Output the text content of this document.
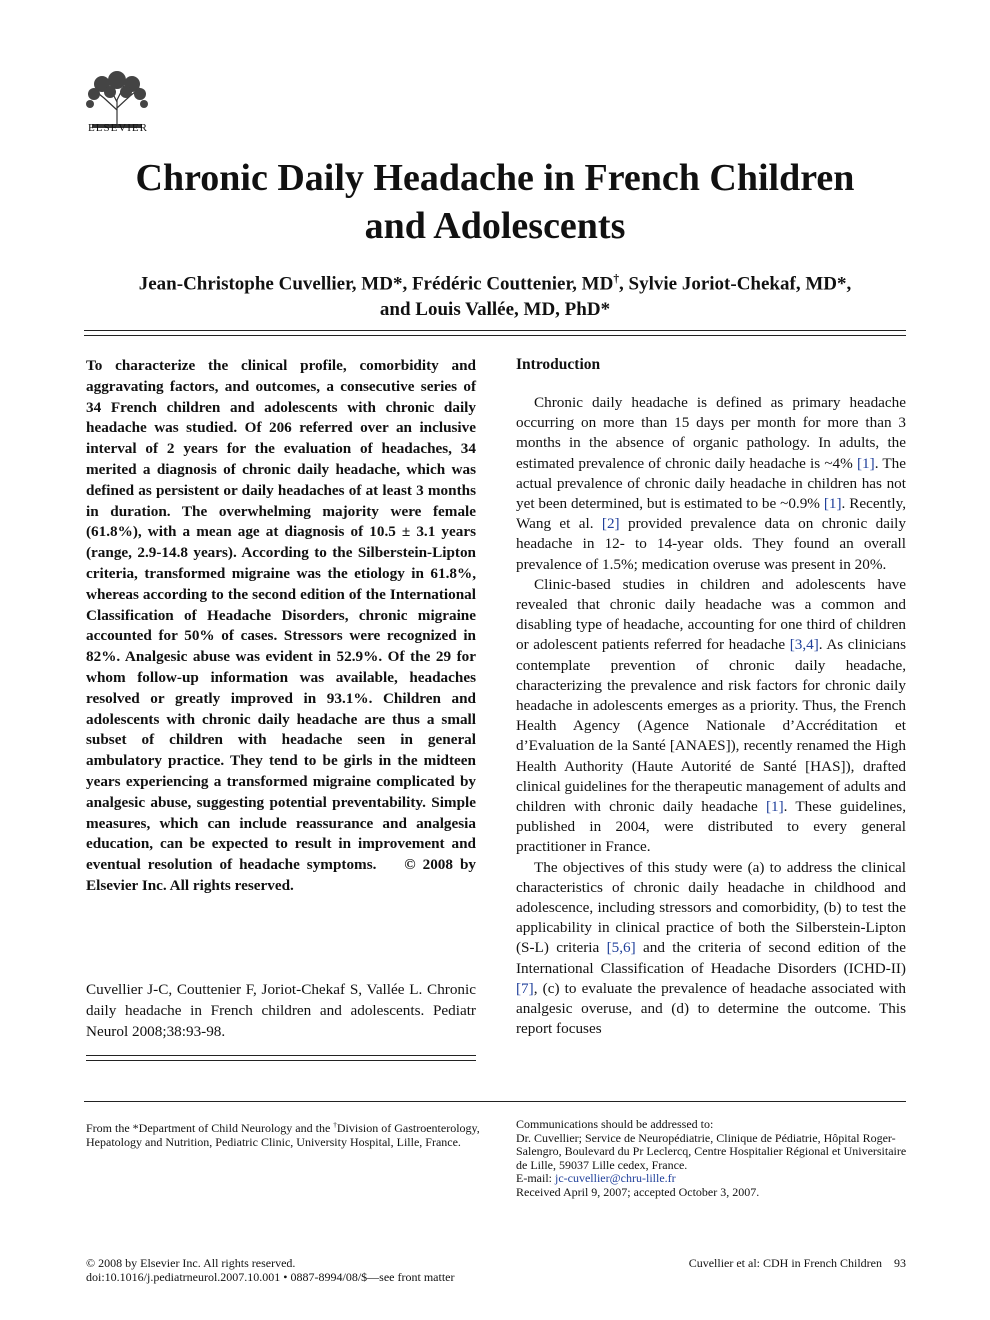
ELSEVIER
Chronic Daily Headache in French Children
and Adolescents
Jean-Christophe Cuvellier, MD*, Frédéric Couttenier, MD†, Sylvie Joriot-Chekaf, MD*,
and Louis Vallée, MD, PhD*
To characterize the clinical profile, comorbidity and aggravating factors, and outcomes, a consecutive series of 34 French children and adolescents with chronic daily headache was studied. Of 206 referred over an inclusive interval of 2 years for the evaluation of headaches, 34 merited a diagnosis of chronic daily headache, which was defined as persistent or daily headaches of at least 3 months in duration. The overwhelming majority were female (61.8%), with a mean age at diagnosis of 10.5 ± 3.1 years (range, 2.9-14.8 years). According to the Silberstein-Lipton criteria, transformed migraine was the etiology in 61.8%, whereas according to the second edition of the International Classification of Headache Disorders, chronic migraine accounted for 50% of cases. Stressors were recognized in 82%. Analgesic abuse was evident in 52.9%. Of the 29 for whom follow-up information was available, headaches resolved or greatly improved in 93.1%. Children and adolescents with chronic daily headache are thus a small subset of children with headache seen in general ambulatory practice. They tend to be girls in the midteen years experiencing a transformed migraine complicated by analgesic abuse, suggesting potential preventability. Simple measures, which can include reassurance and analgesia education, can be expected to result in improvement and eventual resolution of headache symptoms. © 2008 by Elsevier Inc. All rights reserved.
Cuvellier J-C, Couttenier F, Joriot-Chekaf S, Vallée L. Chronic daily headache in French children and adolescents. Pediatr Neurol 2008;38:93-98.
Introduction

Chronic daily headache is defined as primary headache occurring on more than 15 days per month for more than 3 months in the absence of organic pathology. In adults, the estimated prevalence of chronic daily headache is ~4% [1]. The actual prevalence of chronic daily headache in children has not yet been determined, but is estimated to be ~0.9% [1]. Recently, Wang et al. [2] provided prevalence data on chronic daily headache in 12- to 14-year olds. They found an overall prevalence of 1.5%; medication overuse was present in 20%.

Clinic-based studies in children and adolescents have revealed that chronic daily headache was a common and disabling type of headache, accounting for one third of children or adolescent patients referred for headache [3,4]. As clinicians contemplate prevention of chronic daily headache, characterizing the prevalence and risk factors for chronic daily headache in adolescents emerges as a priority. Thus, the French Health Agency (Agence Nationale d’Accréditation et d’Evaluation de la Santé [ANAES]), recently renamed the High Health Authority (Haute Autorité de Santé [HAS]), drafted clinical guidelines for the therapeutic management of adults and children with chronic daily headache [1]. These guidelines, published in 2004, were distributed to every general practitioner in France.

The objectives of this study were (a) to address the clinical characteristics of chronic daily headache in childhood and adolescence, including stressors and comorbidity, (b) to test the applicability in clinical practice of both the Silberstein-Lipton (S-L) criteria [5,6] and the criteria of second edition of the International Classification of Headache Disorders (ICHD-II) [7], (c) to evaluate the prevalence of headache associated with analgesic overuse, and (d) to determine the outcome. This report focuses

From the *Department of Child Neurology and the †Division of Gastroenterology, Hepatology and Nutrition, Pediatric Clinic, University Hospital, Lille, France.
Communications should be addressed to:
Dr. Cuvellier; Service de Neuropédiatrie, Clinique de Pédiatrie, Hôpital Roger-Salengro, Boulevard du Pr Leclercq, Centre Hospitalier Régional et Universitaire de Lille, 59037 Lille cedex, France.
E-mail: jc-cuvellier@chru-lille.fr
Received April 9, 2007; accepted October 3, 2007.
© 2008 by Elsevier Inc. All rights reserved.
doi:10.1016/j.pediatrneurol.2007.10.001 • 0887-8994/08/$—see front matter
Cuvellier et al: CDH in French Children 93
